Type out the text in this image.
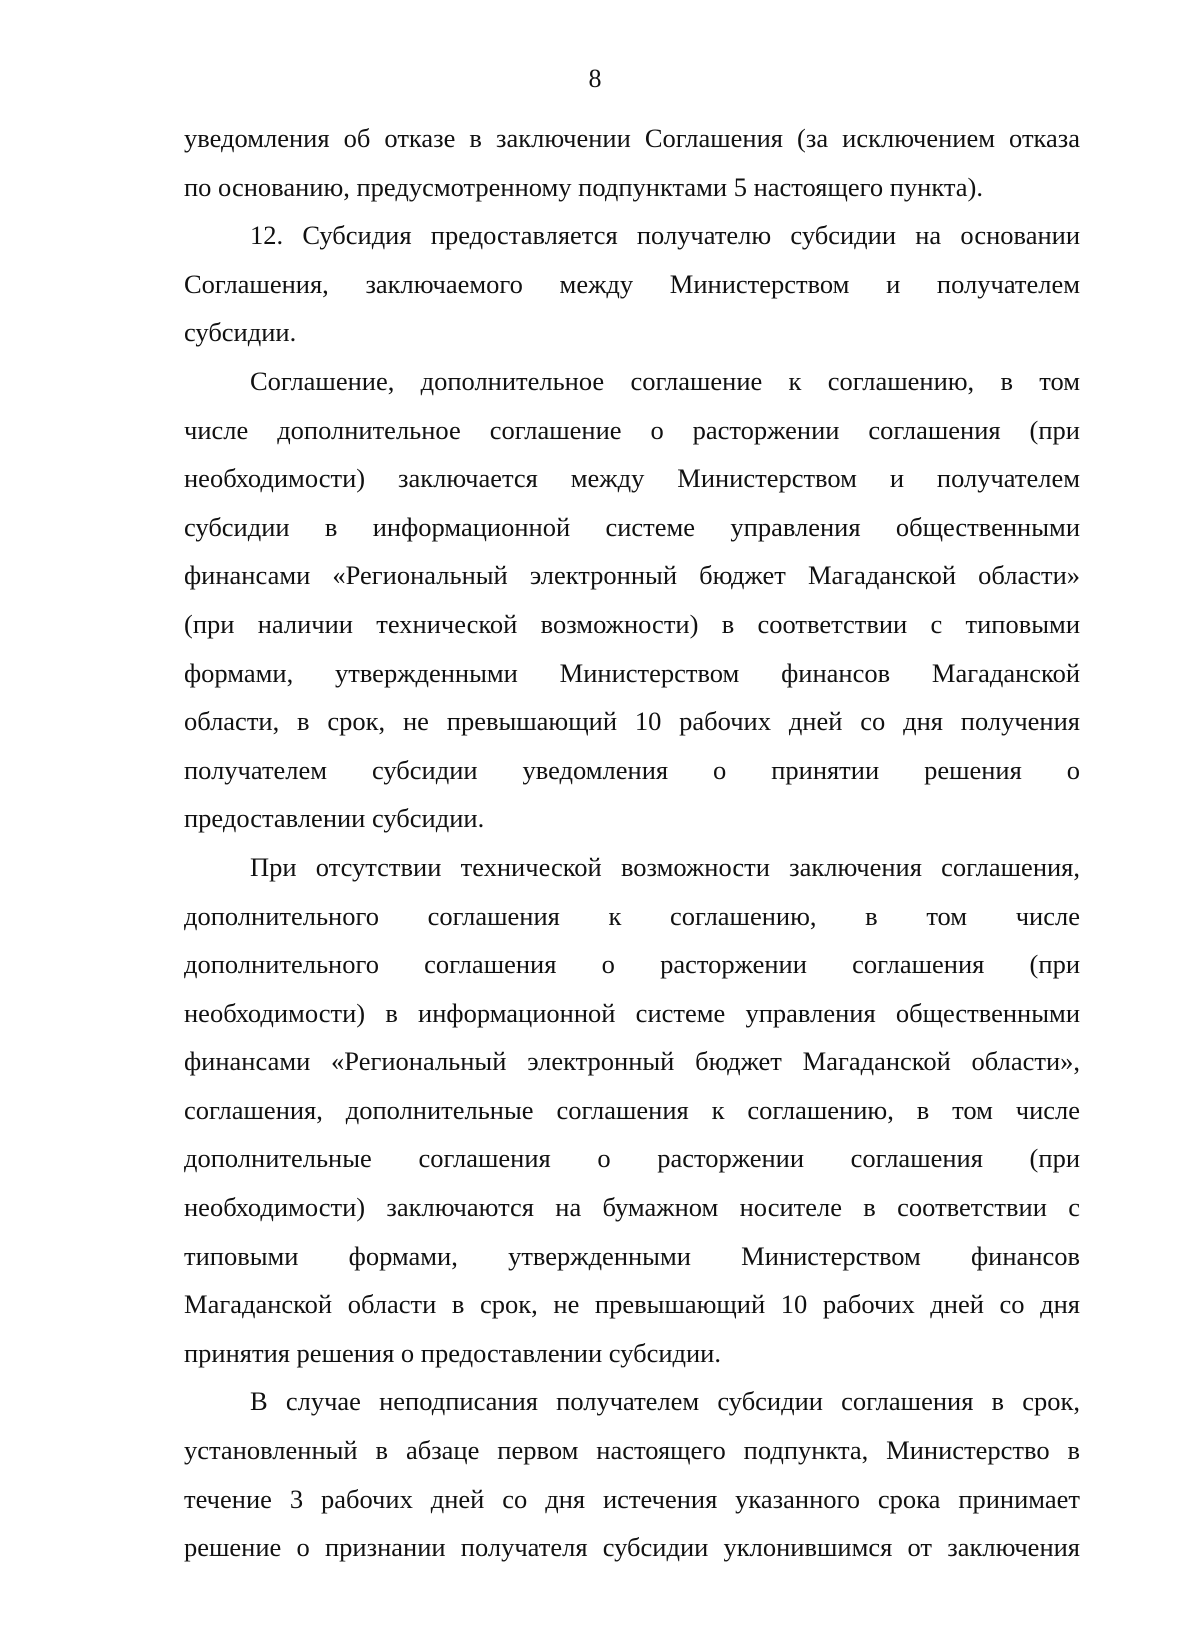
8
уведомления об отказе в заключении Соглашения (за исключением отказа
по основанию, предусмотренному подпунктами 5 настоящего пункта).
12. Субсидия предоставляется получателю субсидии на основании
Соглашения, заключаемого между Министерством и получателем
субсидии.
Соглашение, дополнительное соглашение к соглашению, в том
числе дополнительное соглашение о расторжении соглашения (при
необходимости) заключается между Министерством и получателем
субсидии в информационной системе управления общественными
финансами «Региональный электронный бюджет Магаданской области»
(при наличии технической возможности) в соответствии с типовыми
формами, утвержденными Министерством финансов Магаданской
области, в срок, не превышающий 10 рабочих дней со дня получения
получателем субсидии уведомления о принятии решения о
предоставлении субсидии.
При отсутствии технической возможности заключения соглашения,
дополнительного соглашения к соглашению, в том числе
дополнительного соглашения о расторжении соглашения (при
необходимости) в информационной системе управления общественными
финансами «Региональный электронный бюджет Магаданской области»,
соглашения, дополнительные соглашения к соглашению, в том числе
дополнительные соглашения о расторжении соглашения (при
необходимости) заключаются на бумажном носителе в соответствии с
типовыми формами, утвержденными Министерством финансов
Магаданской области в срок, не превышающий 10 рабочих дней со дня
принятия решения о предоставлении субсидии.
В случае неподписания получателем субсидии соглашения в срок,
установленный в абзаце первом настоящего подпункта, Министерство в
течение 3 рабочих дней со дня истечения указанного срока принимает
решение о признании получателя субсидии уклонившимся от заключения
